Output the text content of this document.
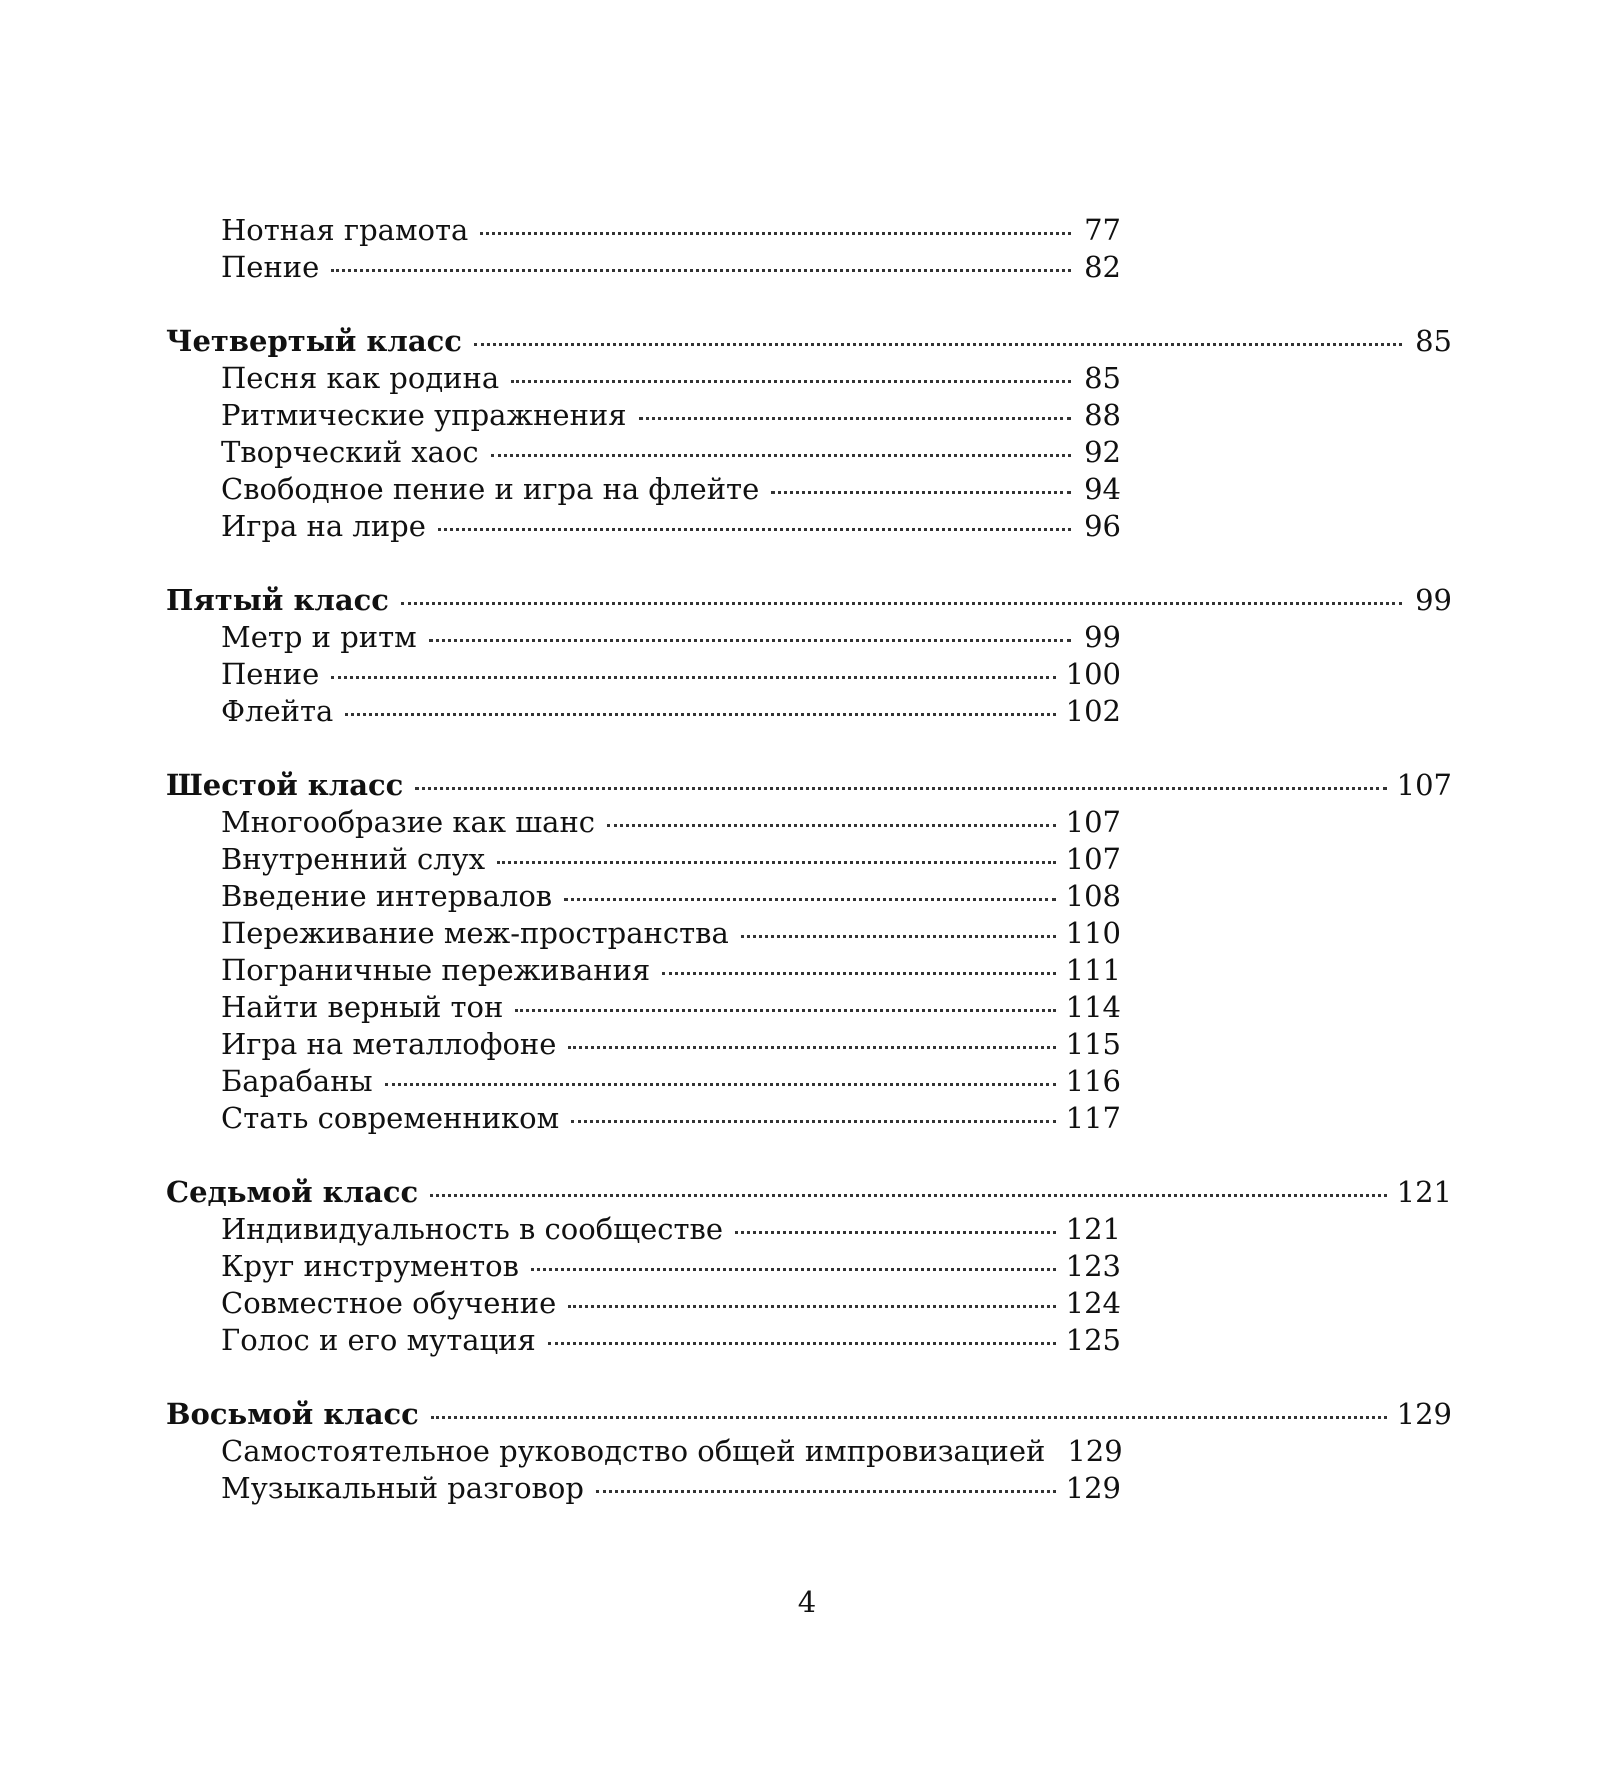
Нотная грамота	77
Пение	82
Четвертый класс	85
Песня как родина	85
Ритмические упражнения	88
Творческий хаос	92
Свободное пение и игра на флейте	94
Игра на лире	96
Пятый класс	99
Метр и ритм	99
Пение	100
Флейта	102
Шестой класс	107
Многообразие как шанс	107
Внутренний слух	107
Введение интервалов	108
Переживание меж-пространства	110
Пограничные переживания	111
Найти верный тон	114
Игра на металлофоне	115
Барабаны	116
Стать современником	117
Седьмой класс	121
Индивидуальность в сообществе	121
Круг инструментов	123
Совместное обучение	124
Голос и его мутация	125
Восьмой класс	129
Самостоятельное руководство общей импровизацией 129
Музыкальный разговор	129
4
